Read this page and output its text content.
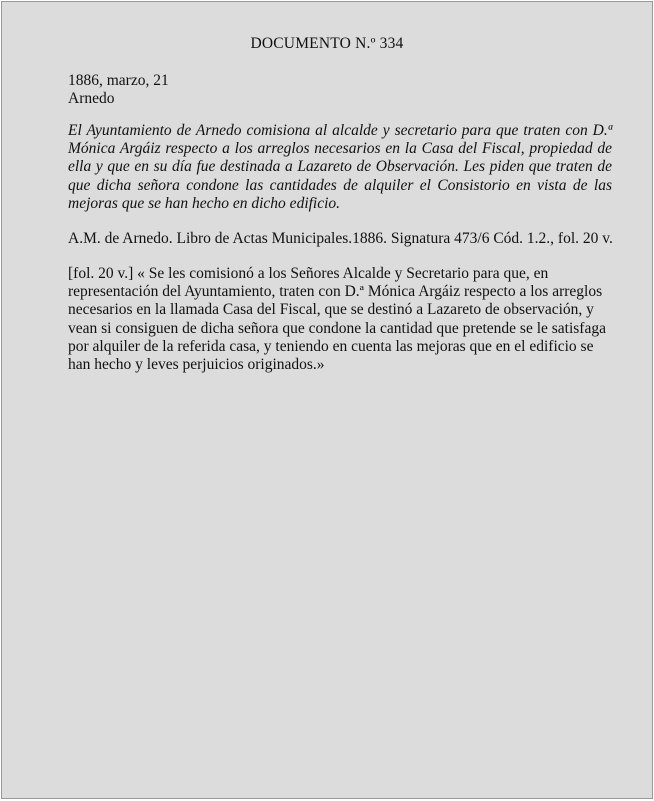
DOCUMENTO N.º 334

1886, marzo, 21

Arnedo

El Ayuntamiento de Arnedo comisiona al alcalde y secretario para que traten con D.ª Mónica Argáiz respecto a los arreglos necesarios en la Casa del Fiscal, propiedad de ella y que en su día fue destinada a Lazareto de Observación. Les piden que traten de que dicha señora condone las cantidades de alquiler el Consistorio en vista de las mejoras que se han hecho en dicho edificio.

A.M. de Arnedo. Libro de Actas Municipales.1886. Signatura 473/6 Cód. 1.2., fol. 20 v.

[fol. 20 v.] « Se les comisionó a los Señores Alcalde y Secretario para que, en
representación del Ayuntamiento, traten con D.ª Mónica Argáiz respecto a los arreglos
necesarios en la llamada Casa del Fiscal, que se destinó a Lazareto de observación, y
vean si consiguen de dicha señora que condone la cantidad que pretende se le satisfaga
por alquiler de la referida casa, y teniendo en cuenta las mejoras que en el edificio se
han hecho y leves perjuicios originados.»
